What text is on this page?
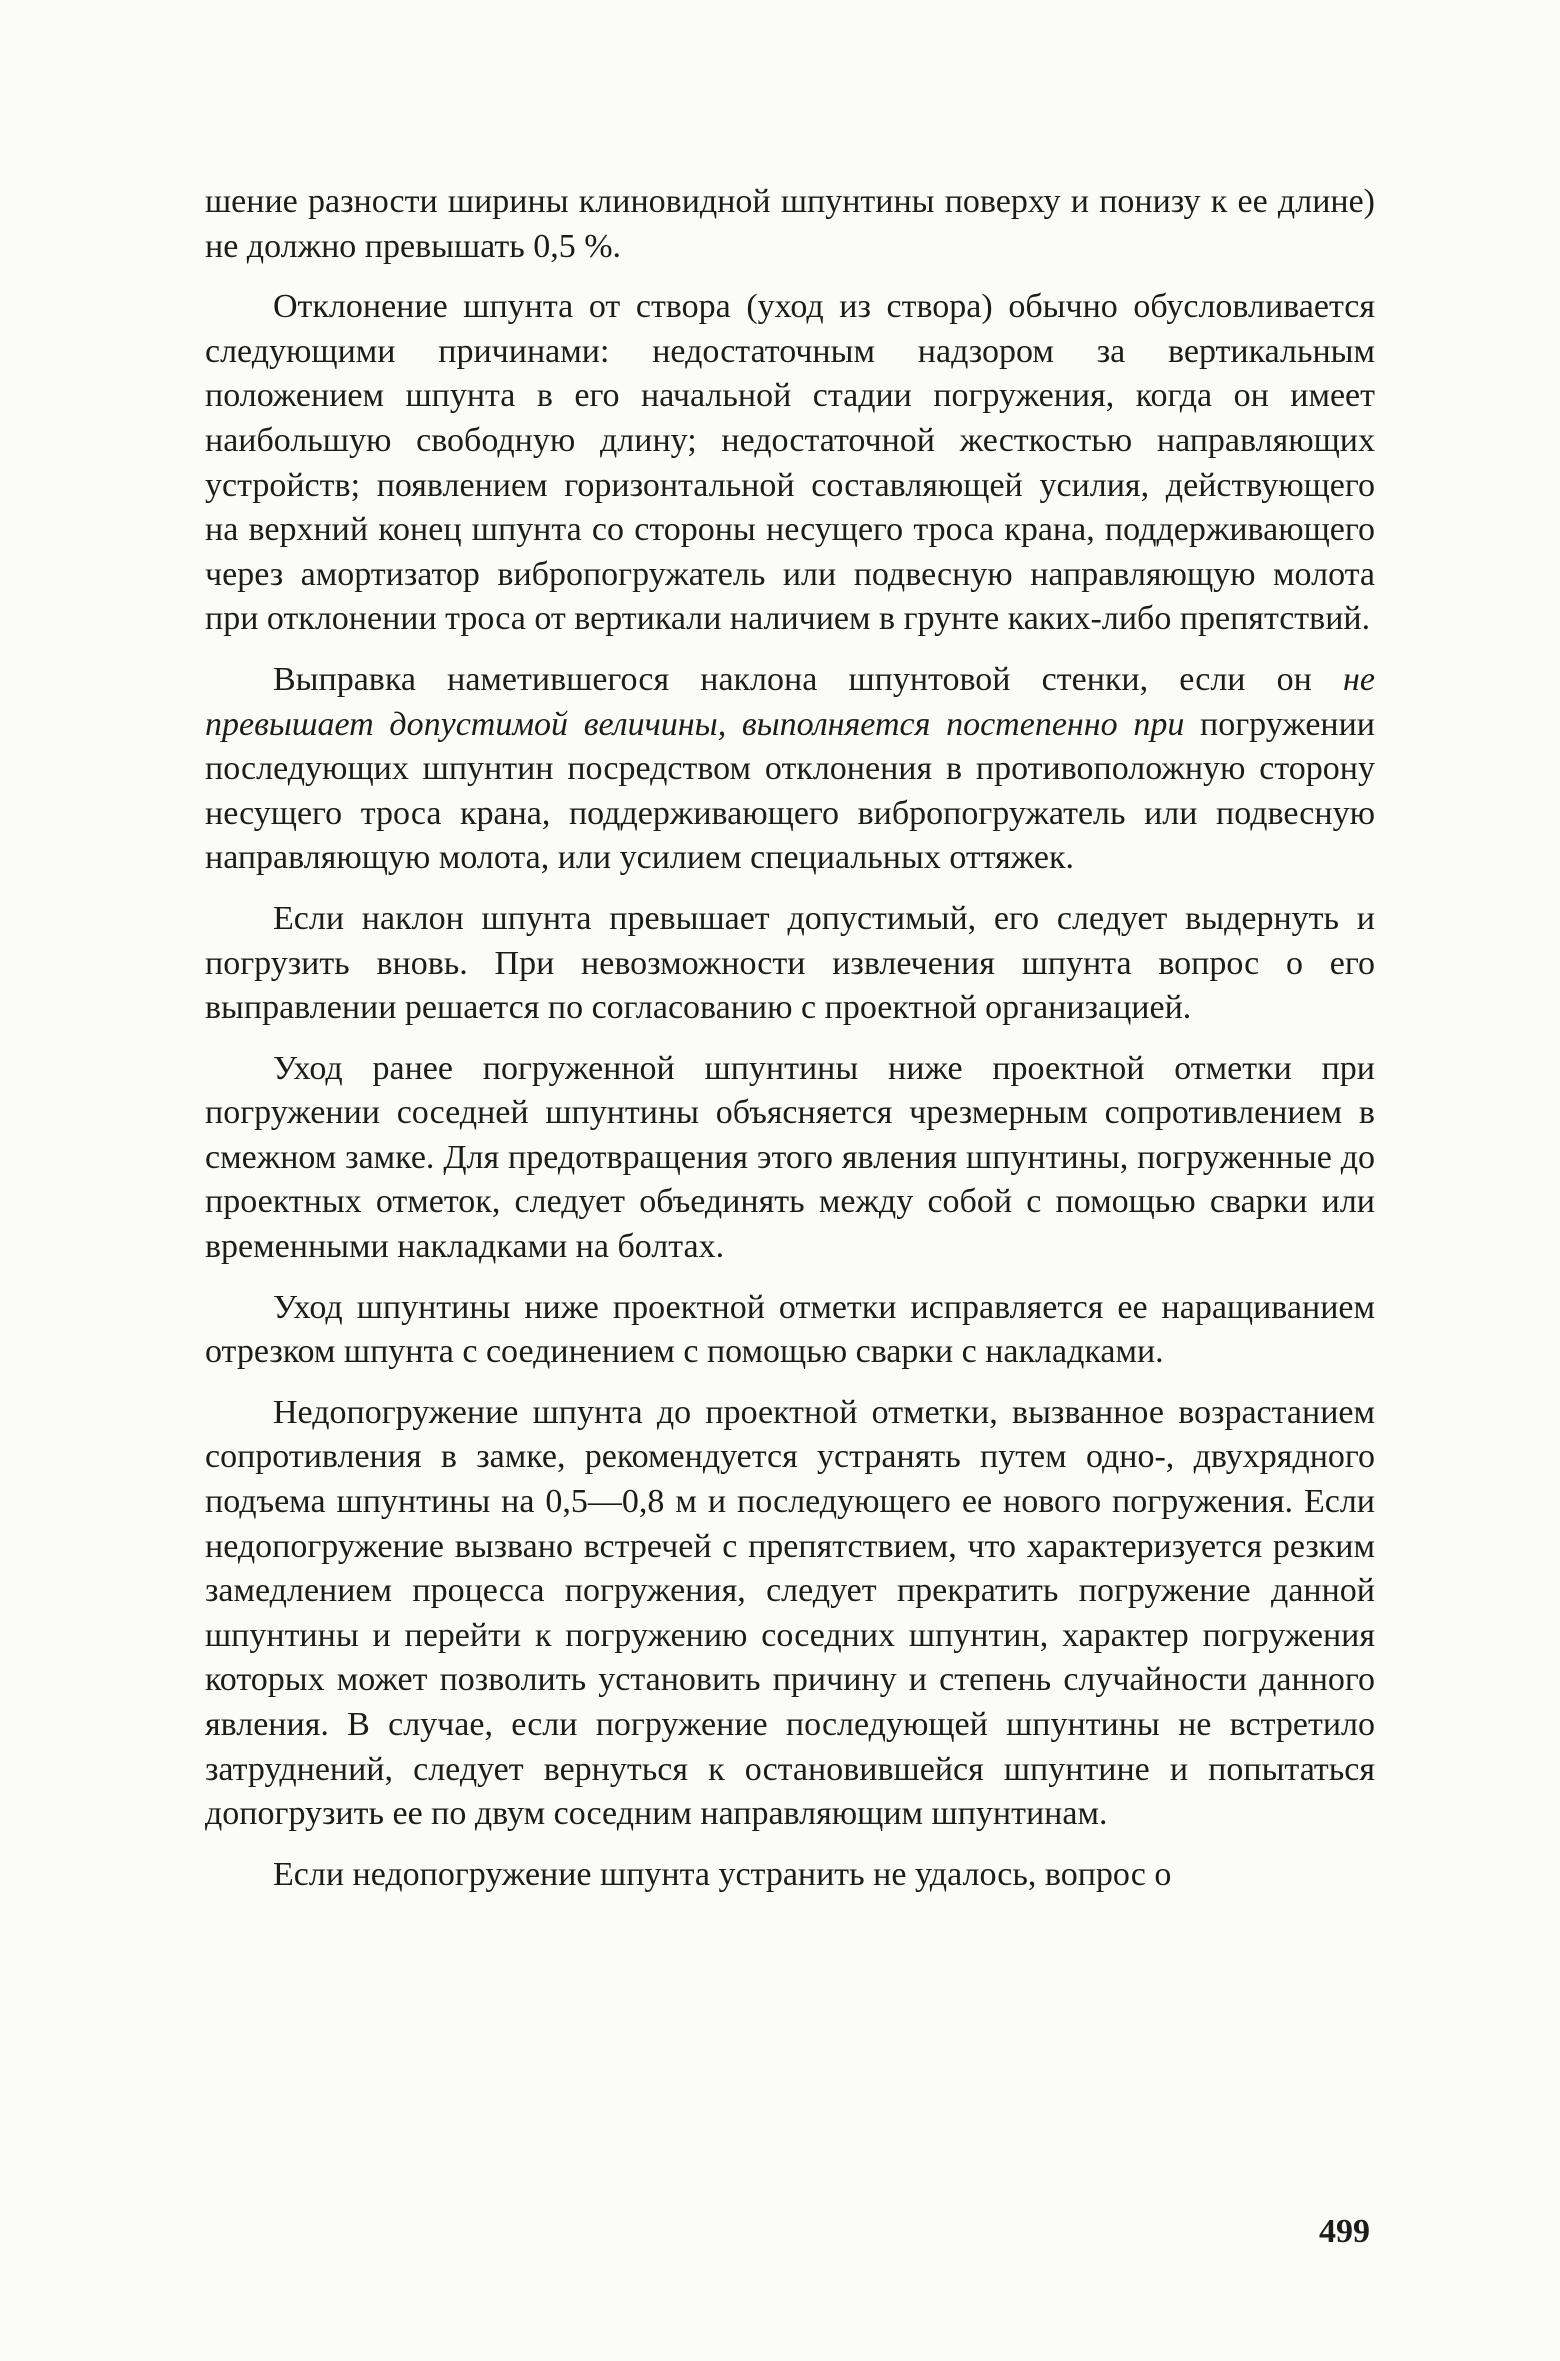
шение разности ширины клиновидной шпунтины поверху и понизу к ее длине) не должно превышать 0,5 %.

Отклонение шпунта от створа (уход из створа) обычно обусловливается следующими причинами: недостаточным надзором за вертикальным положением шпунта в его начальной стадии погружения, когда он имеет наибольшую свободную длину; недостаточной жесткостью направляющих устройств; появлением горизонтальной составляющей усилия, действующего на верхний конец шпунта со стороны несущего троса крана, поддерживающего через амортизатор вибропогружатель или подвесную направляющую молота при отклонении троса от вертикали наличием в грунте каких-либо препятствий.

Выправка наметившегося наклона шпунтовой стенки, если он не превышает допустимой величины, выполняется постепенно при погружении последующих шпунтин посредством отклонения в противоположную сторону несущего троса крана, поддерживающего вибропогружатель или подвесную направляющую молота, или усилием специальных оттяжек.

Если наклон шпунта превышает допустимый, его следует выдернуть и погрузить вновь. При невозможности извлечения шпунта вопрос о его выправлении решается по согласованию с проектной организацией.

Уход ранее погруженной шпунтины ниже проектной отметки при погружении соседней шпунтины объясняется чрезмерным сопротивлением в смежном замке. Для предотвращения этого явления шпунтины, погруженные до проектных отметок, следует объединять между собой с помощью сварки или временными накладками на болтах.

Уход шпунтины ниже проектной отметки исправляется ее наращиванием отрезком шпунта с соединением с помощью сварки с накладками.

Недопогружение шпунта до проектной отметки, вызванное возрастанием сопротивления в замке, рекомендуется устранять путем одно-, двухрядного подъема шпунтины на 0,5—0,8 м и последующего ее нового погружения. Если недопогружение вызвано встречей с препятствием, что характеризуется резким замедлением процесса погружения, следует прекратить погружение данной шпунтины и перейти к погружению соседних шпунтин, характер погружения которых может позволить установить причину и степень случайности данного явления. В случае, если погружение последующей шпунтины не встретило затруднений, следует вернуться к остановившейся шпунтине и попытаться допогрузить ее по двум соседним направляющим шпунтинам.

Если недопогружение шпунта устранить не удалось, вопрос о

499
